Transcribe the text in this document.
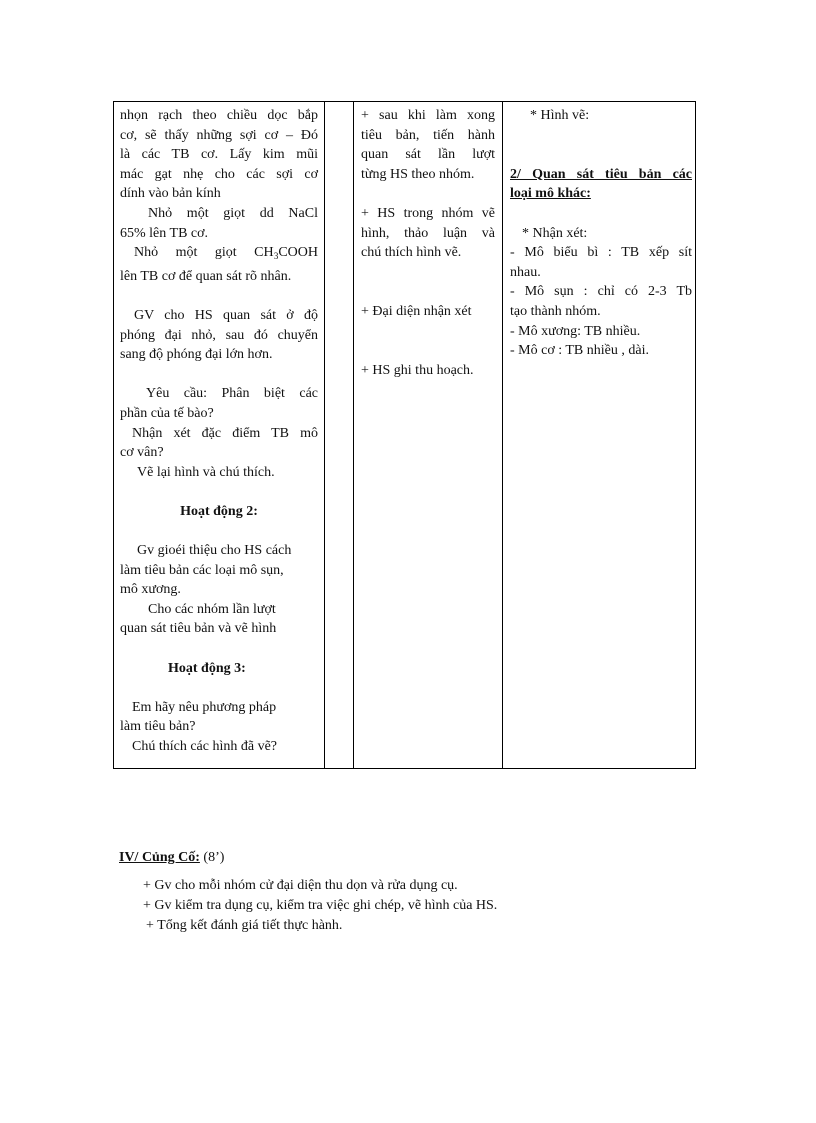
nhọn rạch theo chiều dọc bắp

cơ, sẽ thấy những sợi cơ – Đó

là các TB cơ. Lấy kim mũi

mác gạt nhẹ cho các sợi cơ

dính vào bản kính

Nhỏ một giọt dd NaCl

65% lên TB cơ.

Nhỏ một giọt CH $_3$COOH

lên TB cơ để quan sát rõ nhân.

GV cho HS quan sát ở độ

phóng đại nhỏ, sau đó chuyển

sang độ phóng đại lớn hơn.

Yêu cầu: Phân biệt các

phần của tế bào?

Nhận xét đặc điểm TB mô

cơ vân?

Vẽ lại hình và chú thích.

Hoạt động 2:

Gv gioéi thiệu cho HS cách

làm tiêu bản các loại mô sụn,

mô xương.

Cho các nhóm lần lượt

quan sát tiêu bản và vẽ hình

Hoạt động 3:

Em hãy nêu phương pháp

làm tiêu bản?

Chú thích các hình đã vẽ?

+ sau khi làm xong

tiêu bản, tiến hành

quan sát lần lượt

từng HS theo nhóm.

+ HS trong nhóm vẽ

hình, thảo luận và

chú thích hình vẽ.

+ Đại diện nhận xét

+ HS ghi thu hoạch.

* Hình vẽ:

2/ Quan sát tiêu bản các

loại mô khác:

* Nhận xét:

- Mô biểu bì : TB xếp sít

nhau.

- Mô sụn : chỉ có 2-3 Tb

tạo thành nhóm.

- Mô xương: TB nhiều.

- Mô cơ : TB nhiều , dài.

IV/ Củng Cố: (8’)

+ Gv cho mỗi nhóm cử đại diện thu dọn và rửa dụng cụ.

+ Gv kiểm tra dụng cụ, kiểm tra việc ghi chép, vẽ hình của HS.

+ Tổng kết đánh giá tiết thực hành.
